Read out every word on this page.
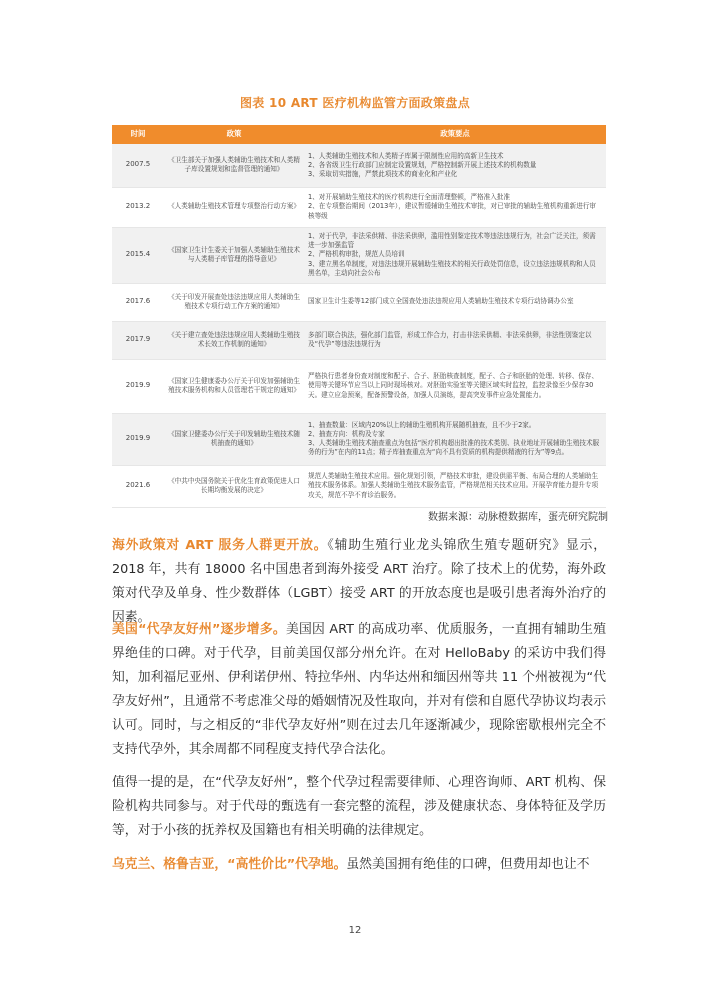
图表 10 ART 医疗机构监管方面政策盘点
时间	政策	政策要点
2007.5	《卫生部关于加强人类辅助生殖技术和人类精子库设置规划和监督管理的通知》	1、人类辅助生殖技术和人类精子库属于限制性应用的高新卫生技术
2、各省级卫生行政部门应制定设置规划，严格控制新开展上述技术的机构数量
3、采取切实措施，严禁此项技术的商业化和产业化

2013.2	《人类辅助生殖技术管理专项整治行动方案》	1、对开展辅助生殖技术的医疗机构进行全面清理整顿，严格准入批准
2、在专项整治期间（2013年），建议暂缓辅助生殖技术审批，对已审批的辅助生殖机构重新进行审核等级

2015.4	《国家卫生计生委关于加强人类辅助生殖技术与人类精子库管理的指导意见》	1、对于代孕，非法采供精、非法采供卵，滥用性别鉴定技术等违法违规行为，社会广泛关注，须需进一步加强监管
2、严格机构审批，规范人员培训
3、建立黑名单制度，对违法违规开展辅助生殖技术的相关行政处罚信息，设立违法违规机构和人员黑名单，主动向社会公布

2017.6	《关于印发开展查处违法违规应用人类辅助生殖技术专项行动工作方案的通知》	国家卫生计生委等12部门成立全国查处违法违规应用人类辅助生殖技术专项行动协调办公室

2017.9	《关于建立查处违法违规应用人类辅助生殖技术长效工作机制的通知》	多部门联合执法，强化部门监管，形成工作合力，打击非法采供精、非法采供卵，非法性别鉴定以及“代孕”等违法违规行为

2019.9	《国家卫生健康委办公厅关于印发加强辅助生殖技术服务机构和人员管理若干规定的通知》	严格执行患者身份查对制度和配子、合子、胚胎核查制度，配子、合子和胚胎的处理、转移、保存、使用等关键环节应当以上同时现场核对。对胚胎实验室等关键区域实时监控，监控录像至少保存30天。建立应急预案，配备预警设备，加强人员演练，提高突发事件应急处置能力。

2019.9	《国家卫健委办公厅关于印发辅助生殖技术随机抽查的通知》	1、抽查数量：区域内20%以上的辅助生殖机构开展随机抽查，且不少于2家。
2、抽查方向：机构及专家
3、人类辅助生殖技术抽查重点为包括“医疗机构超出批准的技术类别、执业地址开展辅助生殖技术服务的行为”在内的11点；精子库抽查重点为“向不具有资质的机构提供精液的行为”等9点。

2021.6	《中共中央国务院关于优化生育政策促进人口长期均衡发展的决定》	规范人类辅助生殖技术应用。强化规划引领，严格技术审批，建设供需平衡、布局合理的人类辅助生殖技术服务体系。加强人类辅助生殖技术服务监管，严格规范相关技术应用。开展孕育能力提升专项攻关，规范不孕不育诊治服务。
数据来源：动脉橙数据库，蛋壳研究院制

海外政策对 ART 服务人群更开放。《辅助生殖行业龙头锦欣生殖专题研究》显示，2018 年，共有 18000 名中国患者到海外接受 ART 治疗。除了技术上的优势，海外政策对代孕及单身、性少数群体（LGBT）接受 ART 的开放态度也是吸引患者海外治疗的因素。

美国“代孕友好州”逐步增多。美国因 ART 的高成功率、优质服务，一直拥有辅助生殖界绝佳的口碑。对于代孕，目前美国仅部分州允许。在对 HelloBaby 的采访中我们得知，加利福尼亚州、伊利诺伊州、特拉华州、内华达州和缅因州等共 11 个州被视为“代孕友好州”，且通常不考虑准父母的婚姻情况及性取向，并对有偿和自愿代孕协议均表示认可。同时，与之相反的“非代孕友好州”则在过去几年逐渐减少，现除密歇根州完全不支持代孕外，其余周都不同程度支持代孕合法化。

值得一提的是，在“代孕友好州”，整个代孕过程需要律师、心理咨询师、ART 机构、保险机构共同参与。对于代母的甄选有一套完整的流程，涉及健康状态、身体特征及学历等，对于小孩的抚养权及国籍也有相关明确的法律规定。

乌克兰、格鲁吉亚，“高性价比”代孕地。虽然美国拥有绝佳的口碑，但费用却也让不

12
